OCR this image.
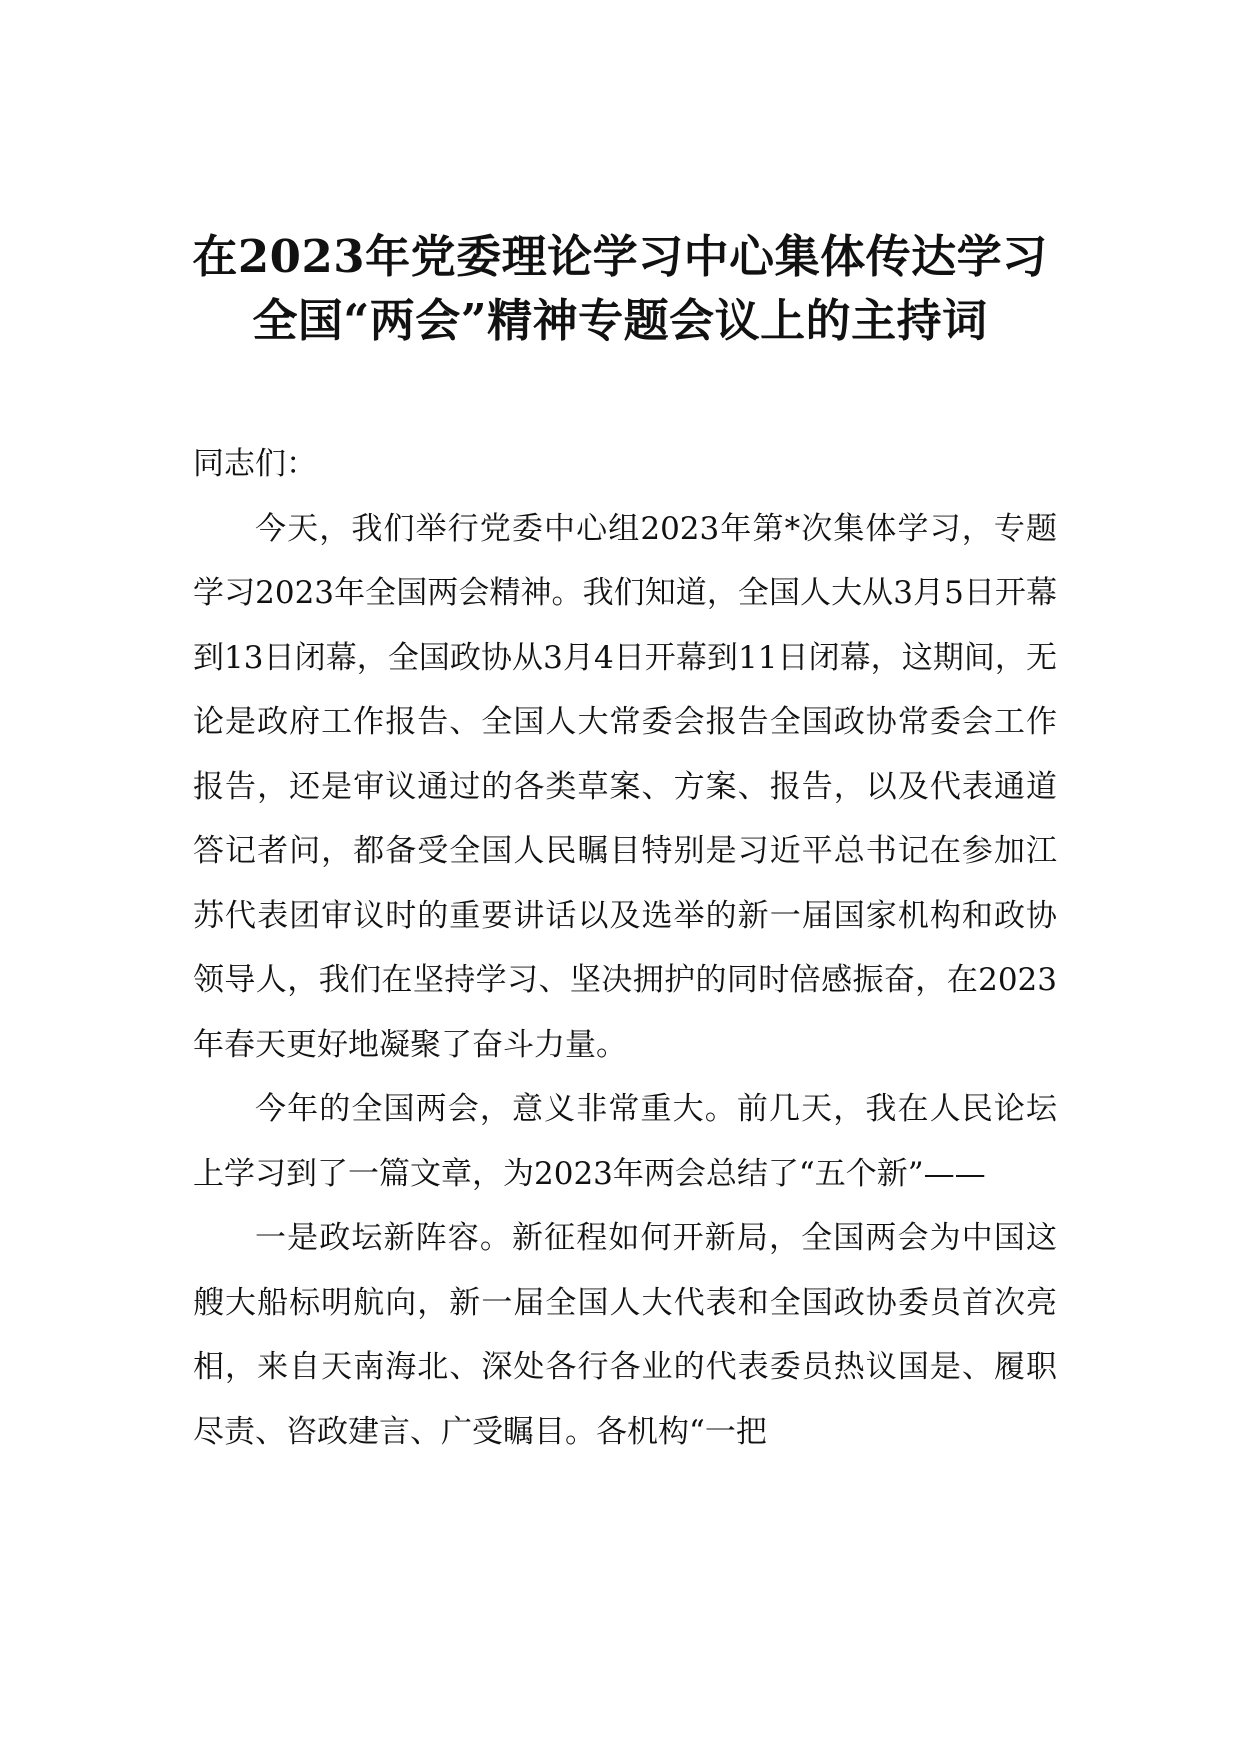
在2023年党委理论学习中心集体传达学习
全国“两会”精神专题会议上的主持词

同志们：

今天，我们举行党委中心组2023年第*次集体学习，专题学习2023年全国两会精神。我们知道，全国人大从3月5日开幕到13日闭幕，全国政协从3月4日开幕到11日闭幕，这期间，无论是政府工作报告、全国人大常委会报告全国政协常委会工作报告，还是审议通过的各类草案、方案、报告，以及代表通道答记者问，都备受全国人民瞩目特别是习近平总书记在参加江苏代表团审议时的重要讲话以及选举的新一届国家机构和政协领导人，我们在坚持学习、坚决拥护的同时倍感振奋，在2023年春天更好地凝聚了奋斗力量。

今年的全国两会，意义非常重大。前几天，我在人民论坛上学习到了一篇文章，为2023年两会总结了“五个新”——

一是政坛新阵容。新征程如何开新局，全国两会为中国这艘大船标明航向，新一届全国人大代表和全国政协委员首次亮相，来自天南海北、深处各行各业的代表委员热议国是、履职尽责、咨政建言、广受瞩目。各机构“一把
